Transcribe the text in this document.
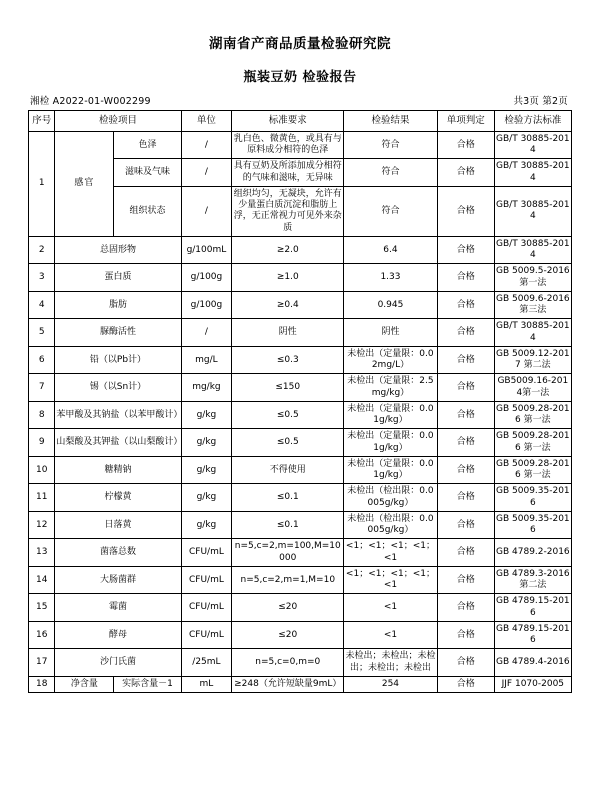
湖南省产商品质量检验研究院
瓶装豆奶 检验报告
湘检 A2022-01-W002299	共3页 第2页
序号	检验项目		单位	标准要求	检验结果	单项判定	检验方法标准
1	感官	色泽	/	乳白色、微黄色，或具有与原料成分相符的色泽	符合	合格	GB/T 30885-2014
		滋味及气味	/	具有豆奶及所添加成分相符的气味和滋味，无异味	符合	合格	GB/T 30885-2014
		组织状态	/	组织均匀，无凝块，允许有少量蛋白质沉淀和脂肪上浮，无正常视力可见外来杂质	符合	合格	GB/T 30885-2014
2	总固形物		g/100mL	≥2.0	6.4	合格	GB/T 30885-2014
3	蛋白质		g/100g	≥1.0	1.33	合格	GB 5009.5-2016 第一法
4	脂肪		g/100g	≥0.4	0.945	合格	GB 5009.6-2016 第三法
5	脲酶活性		/	阴性	阴性	合格	GB/T 30885-2014
6	铅（以Pb计）		mg/L	≤0.3	未检出（定量限：0.02mg/L）	合格	GB 5009.12-2017 第二法
7	锡（以Sn计）		mg/kg	≤150	未检出（定量限：2.5mg/kg）	合格	GB5009.16-2014第一法
8	苯甲酸及其钠盐（以苯甲酸计）		g/kg	≤0.5	未检出（定量限：0.01g/kg）	合格	GB 5009.28-2016 第一法
9	山梨酸及其钾盐（以山梨酸计）		g/kg	≤0.5	未检出（定量限：0.01g/kg）	合格	GB 5009.28-2016 第一法
10	糖精钠		g/kg	不得使用	未检出（定量限：0.01g/kg）	合格	GB 5009.28-2016 第一法
11	柠檬黄		g/kg	≤0.1	未检出（检出限：0.0005g/kg）	合格	GB 5009.35-2016
12	日落黄		g/kg	≤0.1	未检出（检出限：0.0005g/kg）	合格	GB 5009.35-2016
13	菌落总数		CFU/mL	n=5,c=2,m=100,M=10000	<1；<1；<1；<1；<1	合格	GB 4789.2-2016
14	大肠菌群		CFU/mL	n=5,c=2,m=1,M=10	<1；<1；<1；<1；<1	合格	GB 4789.3-2016第二法
15	霉菌		CFU/mL	≤20	<1	合格	GB 4789.15-2016
16	酵母		CFU/mL	≤20	<1	合格	GB 4789.15-2016
17	沙门氏菌		/25mL	n=5,c=0,m=0	未检出；未检出；未检出；未检出；未检出	合格	GB 4789.4-2016
18	净含量	实际含量－1	mL	≥248（允许短缺量9mL）	254	合格	JJF 1070-2005
